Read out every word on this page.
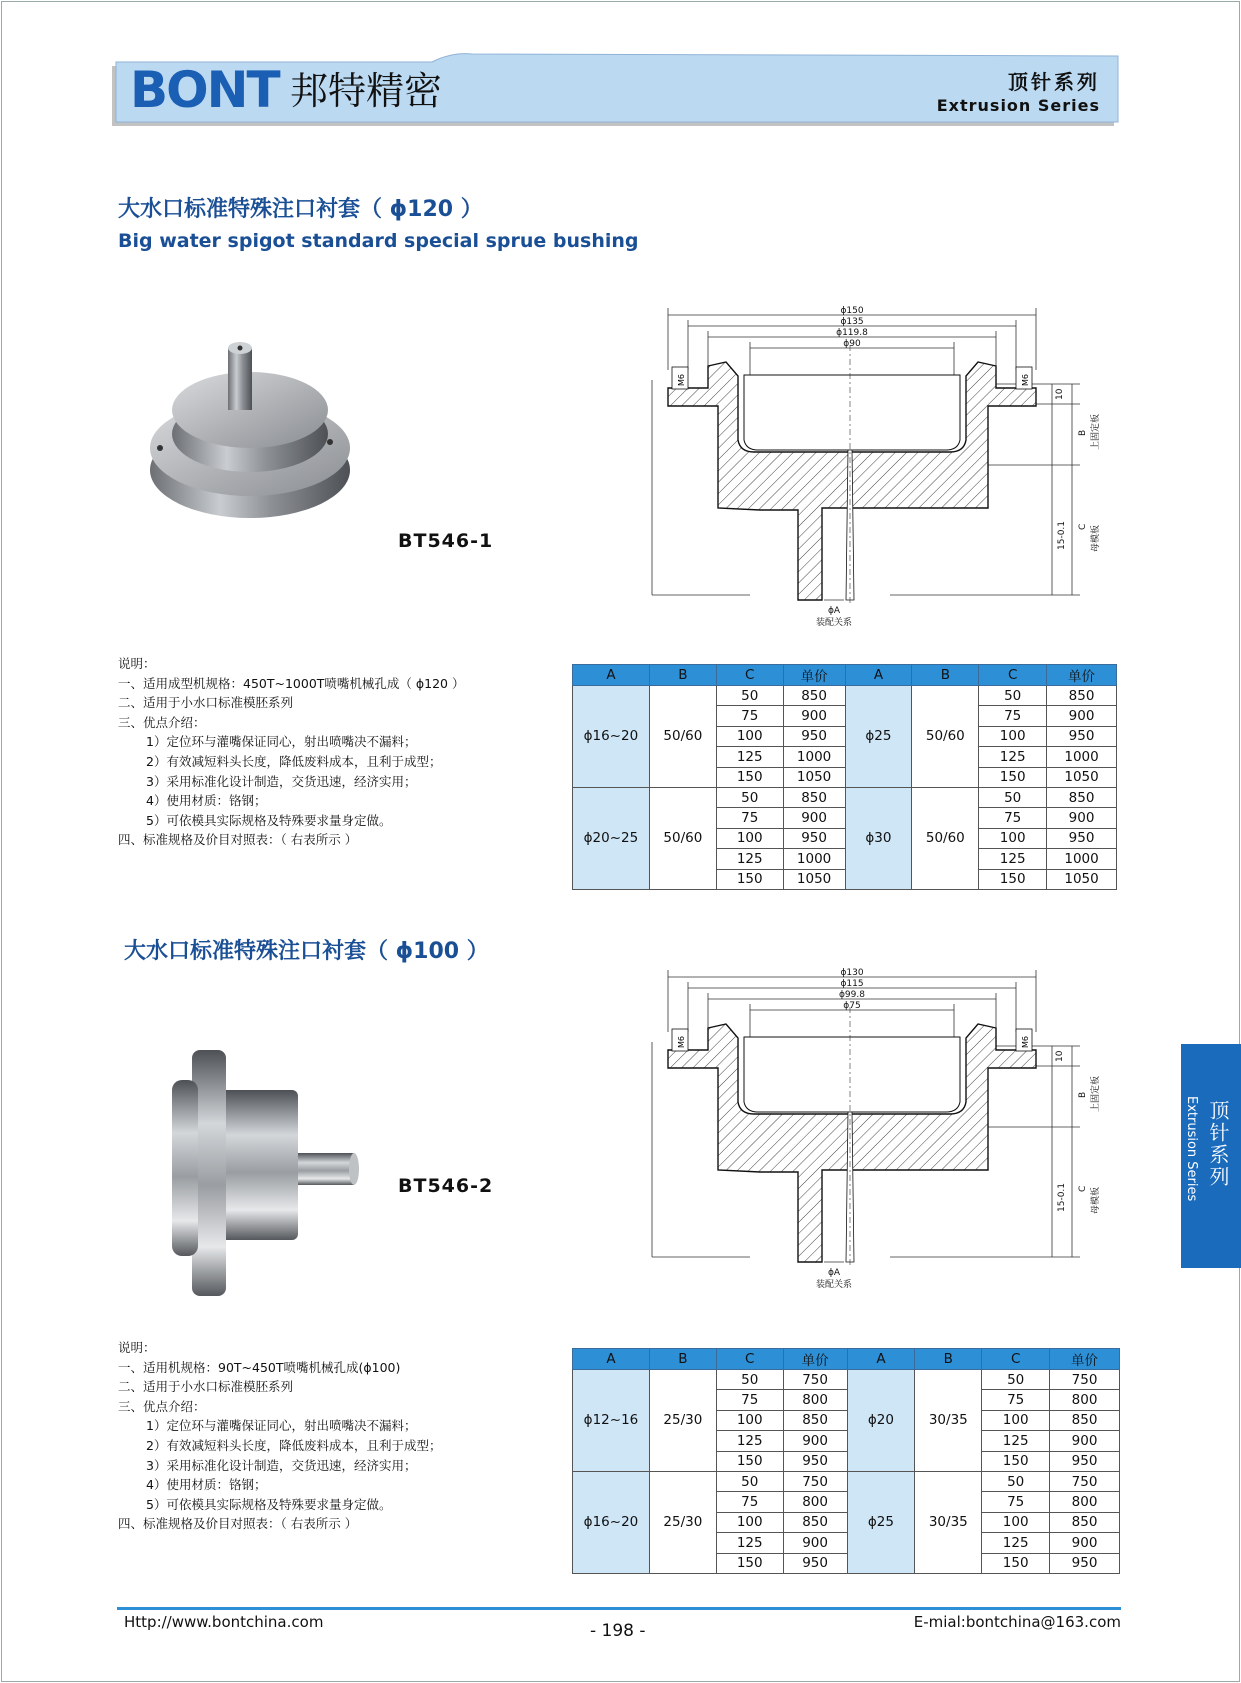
BONT 邦特精密	顶针系列
Extrusion Series
大水口标准特殊注口衬套（ ϕ120 ）
Big water spigot standard special sprue bushing
BT546-1
ϕ150
ϕ135
ϕ119.8
ϕ90
ϕA
装配关系
10
B 上固定板
15-0.1 C 母模板
M6	M6
说明：
一、适用成型机规格：450T~1000T喷嘴机械孔成（ ϕ120 ）
二、适用于小水口标准模胚系列
三、优点介绍：
1）定位环与灌嘴保证同心，射出喷嘴决不漏料；
2）有效减短料头长度，降低废料成本，且利于成型；
3）采用标准化设计制造，交货迅速，经济实用；
4）使用材质：铬钢；
5）可依模具实际规格及特殊要求量身定做。
四、标准规格及价目对照表：（ 右表所示 ）
A	B	C	单价	A	B	C	单价
ϕ16~20	50/60	50	850	ϕ25	50/60	50	850
		75	900			75	900
		100	950			100	950
		125	1000			125	1000
		150	1050			150	1050
ϕ20~25	50/60	50	850	ϕ30	50/60	50	850
		75	900			75	900
		100	950			100	950
		125	1000			125	1000
		150	1050			150	1050
大水口标准特殊注口衬套（ ϕ100 ）
BT546-2
ϕ130
ϕ115
ϕ99.8
ϕ75
ϕA
装配关系
10
B 上固定板
15-0.1 C 母模板
M6	M6
说明：
一、适用机规格：90T~450T喷嘴机械孔成(ϕ100)
二、适用于小水口标准模胚系列
三、优点介绍：
1）定位环与灌嘴保证同心，射出喷嘴决不漏料；
2）有效减短料头长度，降低废料成本，且利于成型；
3）采用标准化设计制造，交货迅速，经济实用；
4）使用材质：铬钢；
5）可依模具实际规格及特殊要求量身定做。
四、标准规格及价目对照表：（ 右表所示 ）
A	B	C	单价	A	B	C	单价
ϕ12~16	25/30	50	750	ϕ20	30/35	50	750
		75	800			75	800
		100	850			100	850
		125	900			125	900
		150	950			150	950
ϕ16~20	25/30	50	750	ϕ25	30/35	50	750
		75	800			75	800
		100	850			100	850
		125	900			125	900
		150	950			150	950
顶针系列
Extrusion Series
Http://www.bontchina.com	- 198 -	E-mial:bontchina@163.com
